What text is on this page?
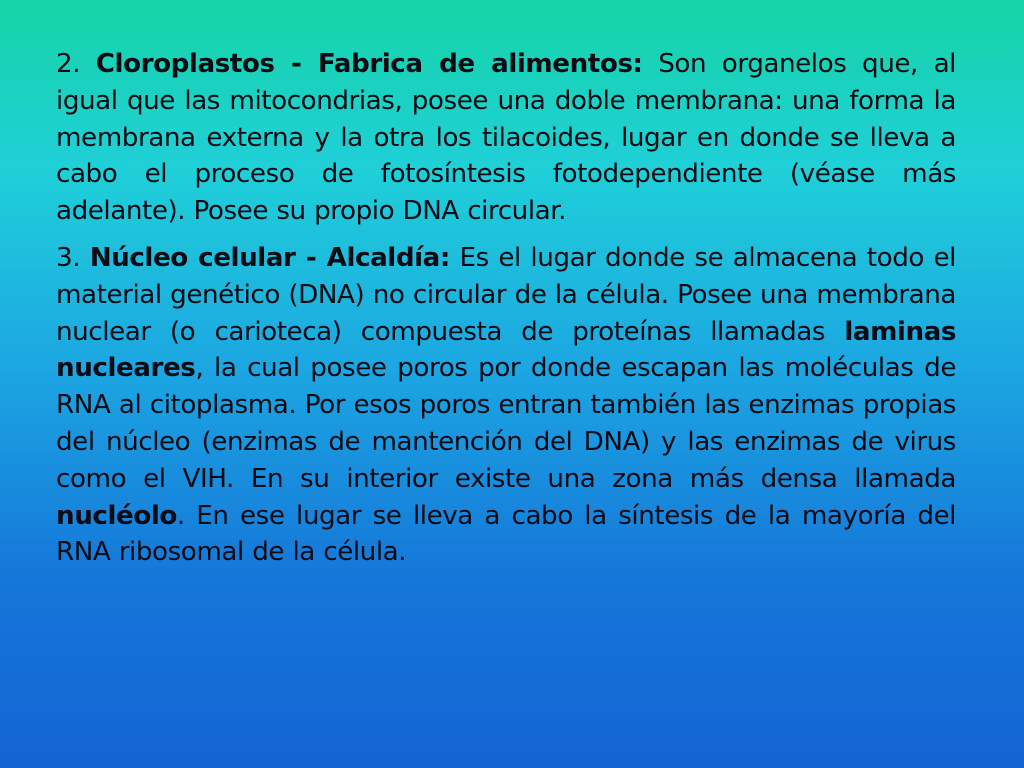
2. Cloroplastos - Fabrica de alimentos: Son organelos que, al igual que las mitocondrias, posee una doble membrana: una forma la membrana externa y la otra los tilacoides, lugar en donde se lleva a cabo el proceso de fotosíntesis fotodependiente (véase más adelante). Posee su propio DNA circular.

3. Núcleo celular - Alcaldía: Es el lugar donde se almacena todo el material genético (DNA) no circular de la célula. Posee una membrana nuclear (o carioteca) compuesta de proteínas llamadas laminas nucleares, la cual posee poros por donde escapan las moléculas de RNA al citoplasma. Por esos poros entran también las enzimas propias del núcleo (enzimas de mantención del DNA) y las enzimas de virus como el VIH. En su interior existe una zona más densa llamada nucléolo. En ese lugar se lleva a cabo la síntesis de la mayoría del RNA ribosomal de la célula.
